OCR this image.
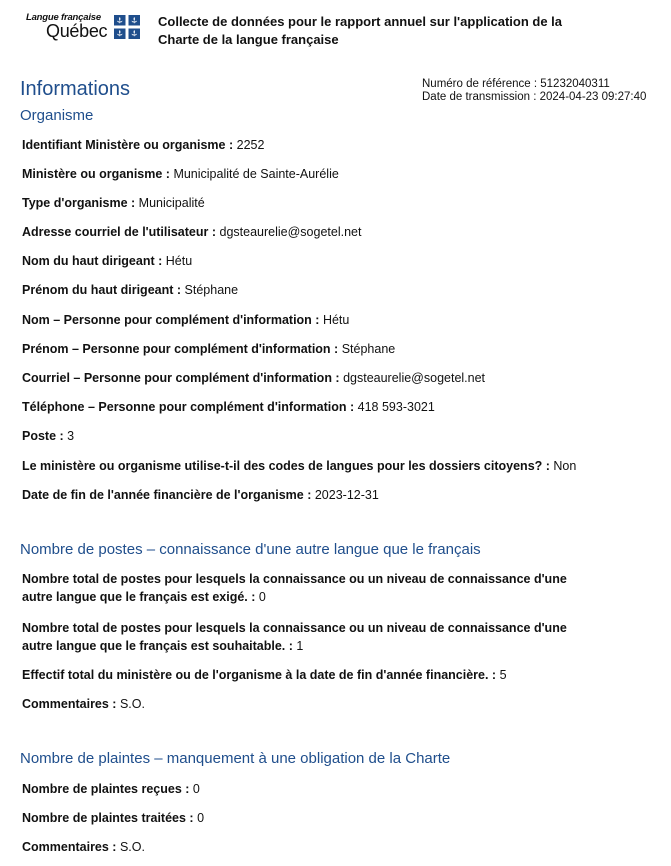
Langue française
Québec	Collecte de données pour le rapport annuel sur l'application de la Charte de la langue française
Informations	Numéro de référence : 51232040311
Date de transmission : 2024-04-23 09:27:40
Organisme
Identifiant Ministère ou organisme : 2252
Ministère ou organisme : Municipalité de Sainte-Aurélie
Type d'organisme : Municipalité
Adresse courriel de l'utilisateur : dgsteaurelie@sogetel.net
Nom du haut dirigeant : Hétu
Prénom du haut dirigeant : Stéphane
Nom – Personne pour complément d'information : Hétu
Prénom – Personne pour complément d'information : Stéphane
Courriel – Personne pour complément d'information : dgsteaurelie@sogetel.net
Téléphone – Personne pour complément d'information : 418 593-3021
Poste : 3
Le ministère ou organisme utilise-t-il des codes de langues pour les dossiers citoyens? : Non
Date de fin de l'année financière de l'organisme : 2023-12-31
Nombre de postes – connaissance d'une autre langue que le français
Nombre total de postes pour lesquels la connaissance ou un niveau de connaissance d'une autre langue que le français est exigé. : 0
Nombre total de postes pour lesquels la connaissance ou un niveau de connaissance d'une autre langue que le français est souhaitable. : 1
Effectif total du ministère ou de l'organisme à la date de fin d'année financière. : 5
Commentaires : S.O.
Nombre de plaintes – manquement à une obligation de la Charte
Nombre de plaintes reçues : 0
Nombre de plaintes traitées : 0
Commentaires : S.O.
